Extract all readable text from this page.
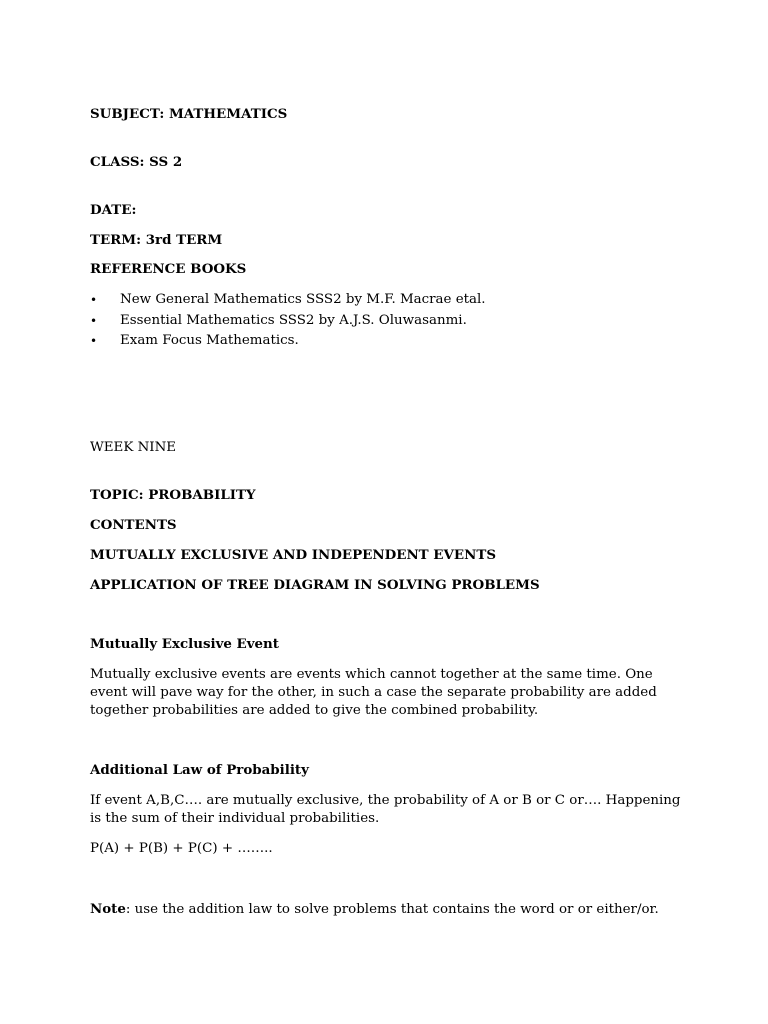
SUBJECT: MATHEMATICS

CLASS: SS 2

DATE:

TERM: 3rd TERM

REFERENCE BOOKS

• New General Mathematics SSS2 by M.F. Macrae etal.
• Essential Mathematics SSS2 by A.J.S. Oluwasanmi.
• Exam Focus Mathematics.

WEEK NINE

TOPIC: PROBABILITY

CONTENTS

MUTUALLY EXCLUSIVE AND INDEPENDENT EVENTS

APPLICATION OF TREE DIAGRAM IN SOLVING PROBLEMS

Mutually Exclusive Event

Mutually exclusive events are events which cannot together at the same time. One event will pave way for the other, in such a case the separate probability are added together probabilities are added to give the combined probability.

Additional Law of Probability

If event A,B,C…. are mutually exclusive, the probability of A or B or C or…. Happening is the sum of their individual probabilities.

P(A) + P(B) + P(C) + ……..

Note: use the addition law to solve problems that contains the word or or either/or.
